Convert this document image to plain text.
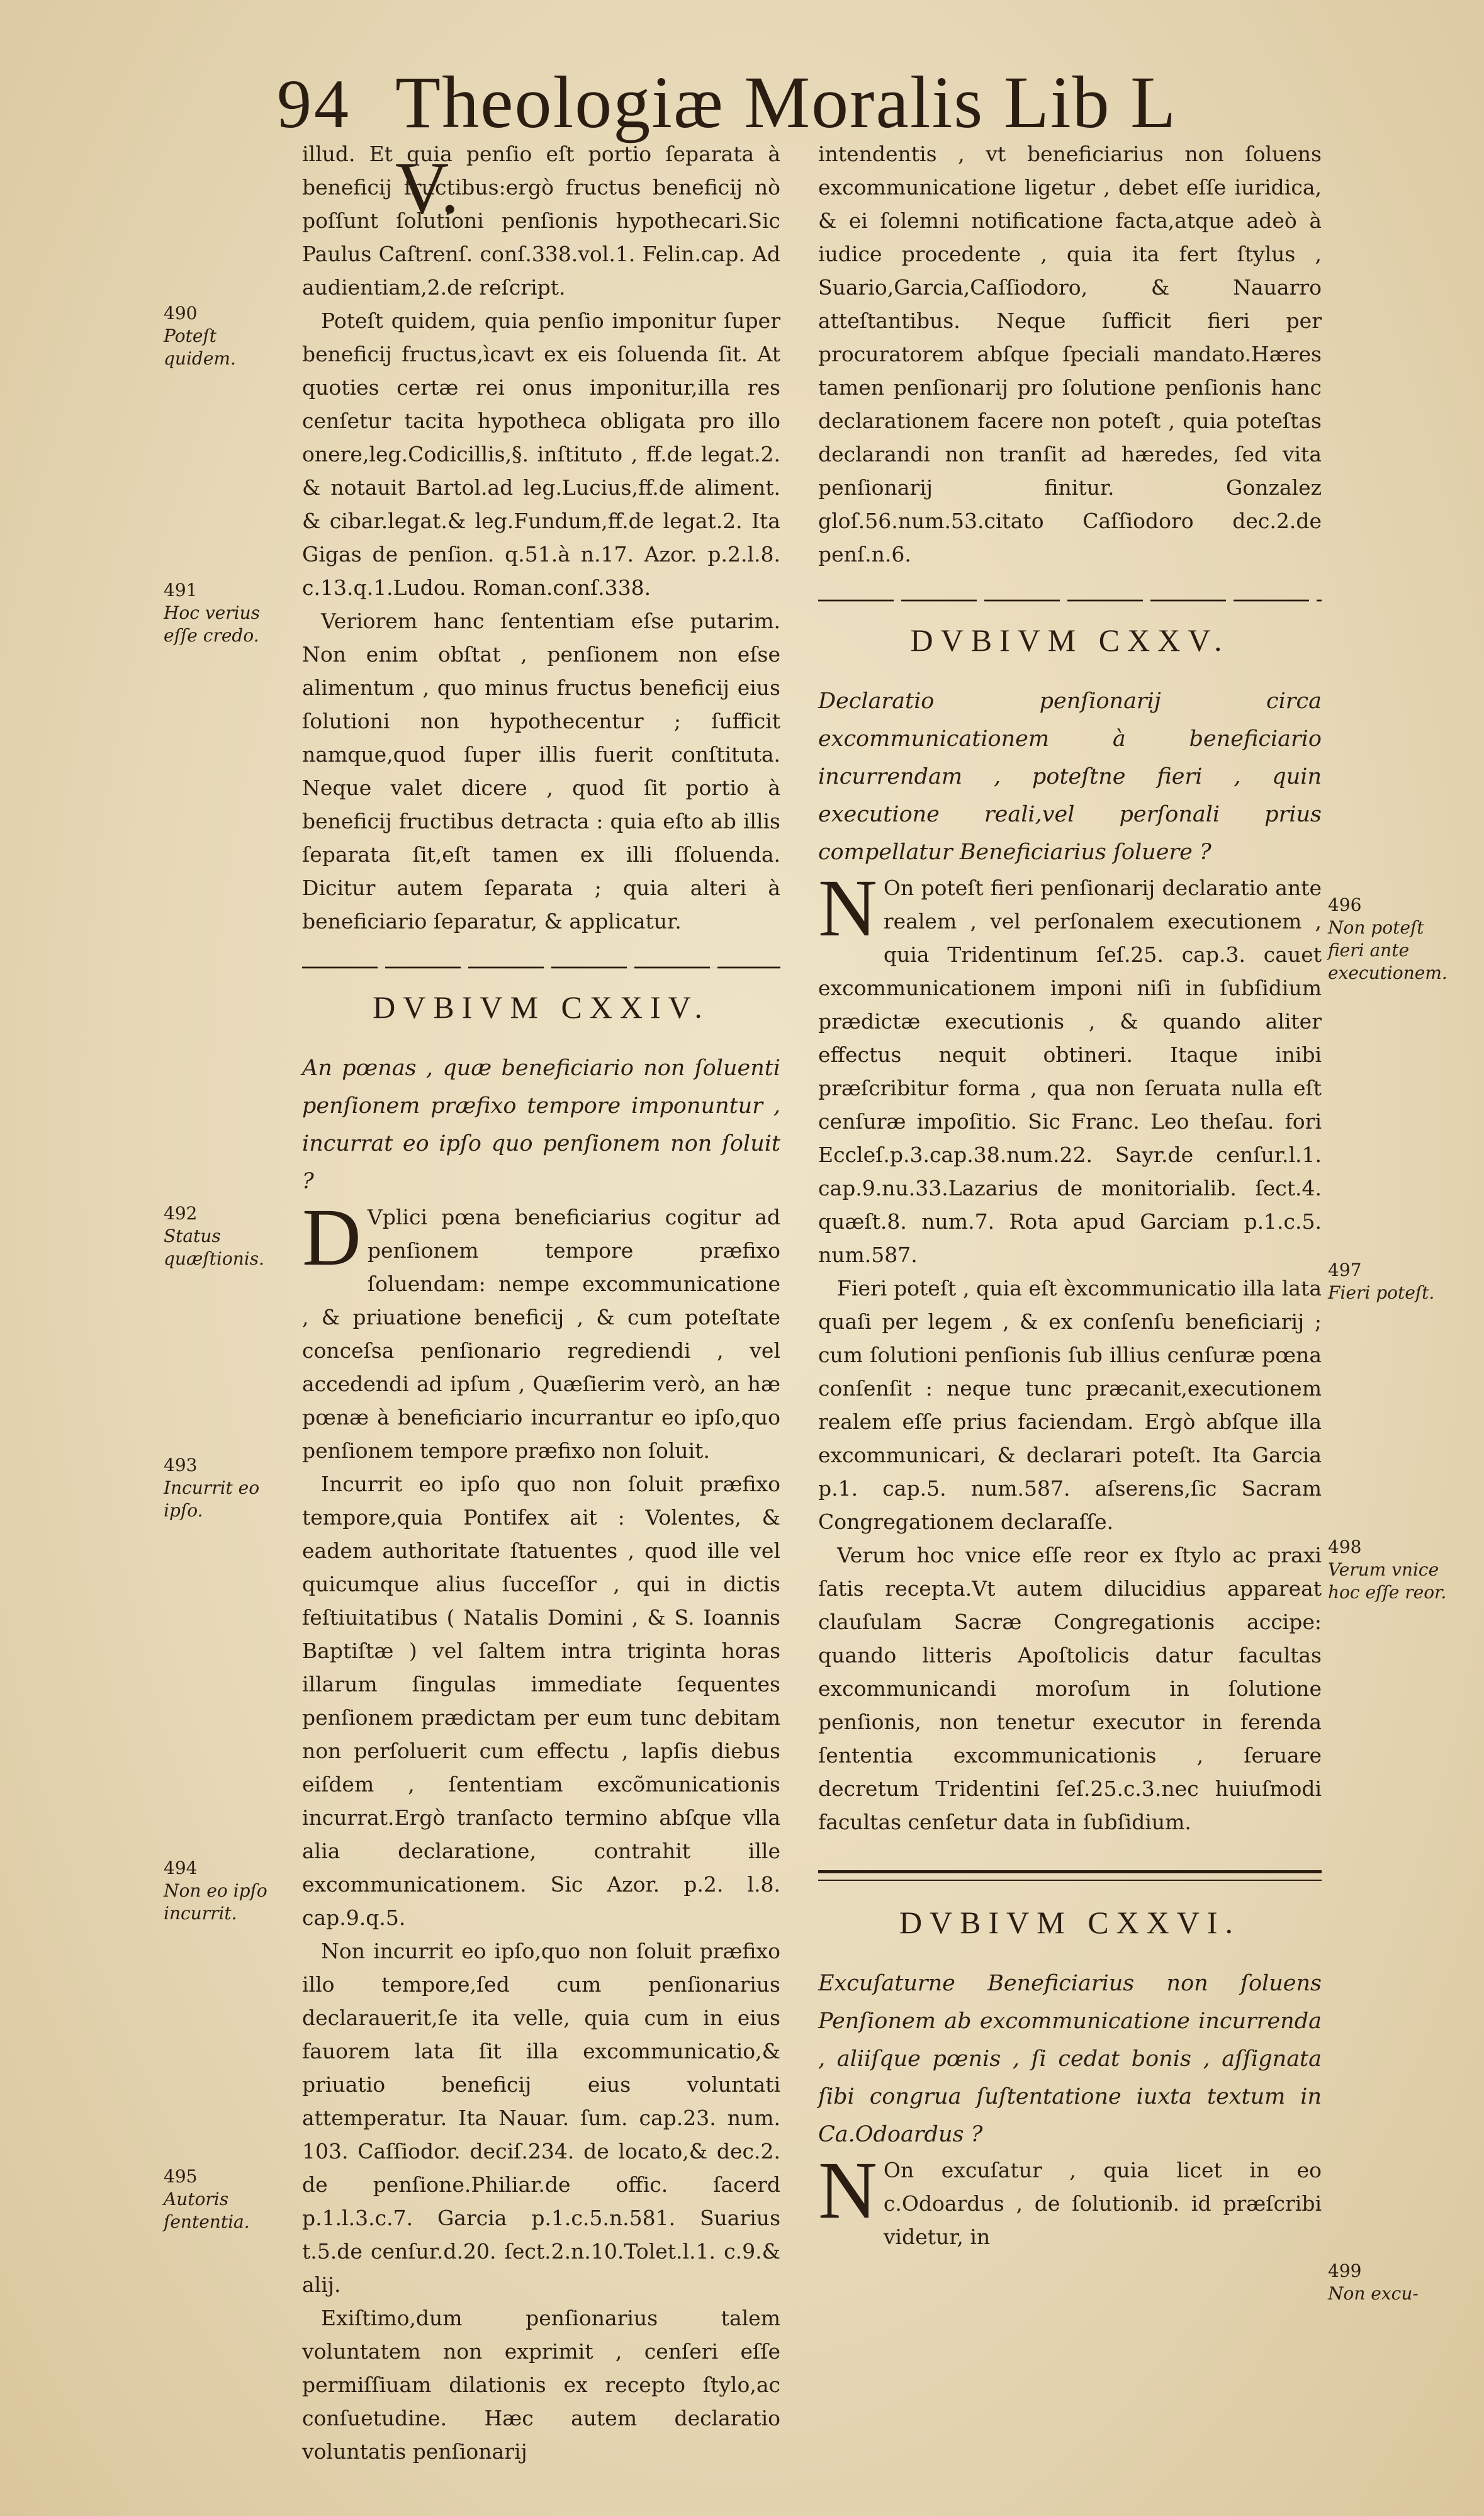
94 Theologiæ Moralis Lib L V.

illud. Et quia penſio eſt portio ſeparata à beneficij fructibus:ergò fructus beneficij nò poſſunt ſolutioni penſionis hypothecari.Sic Paulus Caſtrenſ. conſ.338.vol.1. Felin.cap. Ad audientiam,2.de reſcript.

Poteſt quidem, quia penſio imponitur ſuper beneficij fructus,ìcavt ex eis ſoluenda ſit. At quoties certæ rei onus imponitur,illa res cenſetur tacita hypotheca obligata pro illo onere,leg.Codicillis,§. inſtituto , ff.de legat.2. & notauit Bartol.ad leg.Lucius,ff.de aliment. & cibar.legat.& leg.Fundum,ff.de legat.2. Ita Gigas de penſion. q.51.à n.17. Azor. p.2.l.8. c.13.q.1.Ludou. Roman.conſ.338.

Veriorem hanc ſententiam eſse putarim. Non enim obſtat , penſionem non eſse alimentum , quo minus fructus beneficij eius ſolutioni non hypothecentur ; ſufficit namque,quod ſuper illis fuerit conſtituta. Neque valet dicere , quod ſit portio à beneficij fructibus detracta : quia eſto ab illis ſeparata ſit,eſt tamen ex illi ſſoluenda. Dicitur autem ſeparata ; quia alteri à beneficiario ſeparatur, & applicatur.

DVBIVM CXXIV.

An pœnas , quæ beneficiario non ſoluenti penſionem præfixo tempore imponuntur , incurrat eo ipſo quo penſionem non ſoluit ?

D Vplici pœna beneficiarius cogitur ad penſionem tempore præfixo ſoluendam: nempe excommunicatione , & priuatione beneficij , & cum poteſtate conceſsa penſionario regrediendi , vel accedendi ad ipſum , Quæſierim verò, an hæ pœnæ à beneficiario incurrantur eo ipſo,quo penſionem tempore præfixo non ſoluit.

Incurrit eo ipſo quo non ſoluit præfixo tempore,quia Pontifex ait : Volentes, & eadem authoritate ſtatuentes , quod ille vel quicumque alius ſucceſſor , qui in dictis feſtiuitatibus ( Natalis Domini , & S. Ioannis Baptiſtæ ) vel ſaltem intra triginta horas illarum ſingulas immediate ſequentes penſionem prædictam per eum tunc debitam non perſoluerit cum effectu , lapſis diebus eiſdem , ſententiam excõmunicationis incurrat.Ergò tranſacto termino abſque vlla alia declaratione, contrahit ille excommunicationem. Sic Azor. p.2. l.8. cap.9.q.5.

Non incurrit eo ipſo,quo non ſoluit præfixo illo tempore,ſed cum penſionarius declarauerit,ſe ita velle, quia cum in eius fauorem lata ſit illa excommunicatio,& priuatio beneficij eius voluntati attemperatur. Ita Nauar. ſum. cap.23. num. 103. Caſſiodor. deciſ.234. de locato,& dec.2. de penſione.Philiar.de offic. ſacerd p.1.l.3.c.7. Garcia p.1.c.5.n.581. Suarius t.5.de cenſur.d.20. ſect.2.n.10.Tolet.l.1. c.9.& alij.

Exiſtimo,dum penſionarius talem voluntatem non exprimit , cenſeri eſſe permiſſiuam dilationis ex recepto ſtylo,ac conſuetudine. Hæc autem declaratio voluntatis penſionarij

intendentis , vt beneficiarius non ſoluens excommunicatione ligetur , debet eſſe iuridica, & ei ſolemni notificatione facta,atque adeò à iudice procedente , quia ita fert ſtylus , Suario,Garcia,Caſſiodoro, & Nauarro atteſtantibus. Neque ſufficit fieri per procuratorem abſque ſpeciali mandato.Hæres tamen penſionarij pro ſolutione penſionis hanc declarationem facere non poteſt , quia poteſtas declarandi non tranſit ad hæredes, ſed vita penſionarij finitur. Gonzalez gloſ.56.num.53.citato Caſſiodoro dec.2.de penſ.n.6.

DVBIVM CXXV.

Declaratio penſionarij circa excommunicationem à beneficiario incurrendam , poteſtne fieri , quin executione reali,vel perſonali prius compellatur Beneficiarius ſoluere ?

N On poteſt fieri penſionarij declaratio ante realem , vel perſonalem executionem , quia Tridentinum ſeſ.25. cap.3. cauet excommunicationem imponi niſi in ſubſidium prædictæ executionis , & quando aliter effectus nequit obtineri. Itaque inibi præſcribitur forma , qua non ſeruata nulla eſt cenſuræ impoſitio. Sic Franc. Leo theſau. fori Eccleſ.p.3.cap.38.num.22. Sayr.de cenſur.l.1. cap.9.nu.33.Lazarius de monitorialib. ſect.4. quæſt.8. num.7. Rota apud Garciam p.1.c.5. num.587.

Fieri poteſt , quia eſt èxcommunicatio illa lata quaſi per legem , & ex conſenſu beneficiarij ; cum ſolutioni penſionis ſub illius cenſuræ pœna conſenſit : neque tunc præcanit,executionem realem eſſe prius faciendam. Ergò abſque illa excommunicari, & declarari poteſt. Ita Garcia p.1. cap.5. num.587. aſserens,ſic Sacram Congregationem declaraſſe.

Verum hoc vnice eſſe reor ex ſtylo ac praxi ſatis recepta.Vt autem dilucidius appareat clauſulam Sacræ Congregationis accipe: quando litteris Apoſtolicis datur facultas excommunicandi moroſum in ſolutione penſionis, non tenetur executor in ferenda ſententia excommunicationis , ſeruare decretum Tridentini ſeſ.25.c.3.nec huiuſmodi facultas cenſetur data in ſubſidium.

DVBIVM CXXVI.

Excuſaturne Beneficiarius non ſoluens Penſionem ab excommunicatione incurrenda , aliiſque pœnis , ſi cedat bonis , aſſignata ſibi congrua ſuſtentatione iuxta textum in Ca.Odoardus ?

N On excuſatur , quia licet in eo c.Odoardus , de ſolutionib. id præſcribi videtur, in

490
Poteſt quidem.
491
Hoc verius eſſe credo.
492
Status quæſtionis.
493
Incurrit eo ipſo.
494
Non eo ipſo incurrit.
495
Autoris ſententia.
496
Non poteſt fieri ante executionem.
497
Fieri poteſt.
498
Verum vnice hoc eſſe reor.
499
Non excu-
